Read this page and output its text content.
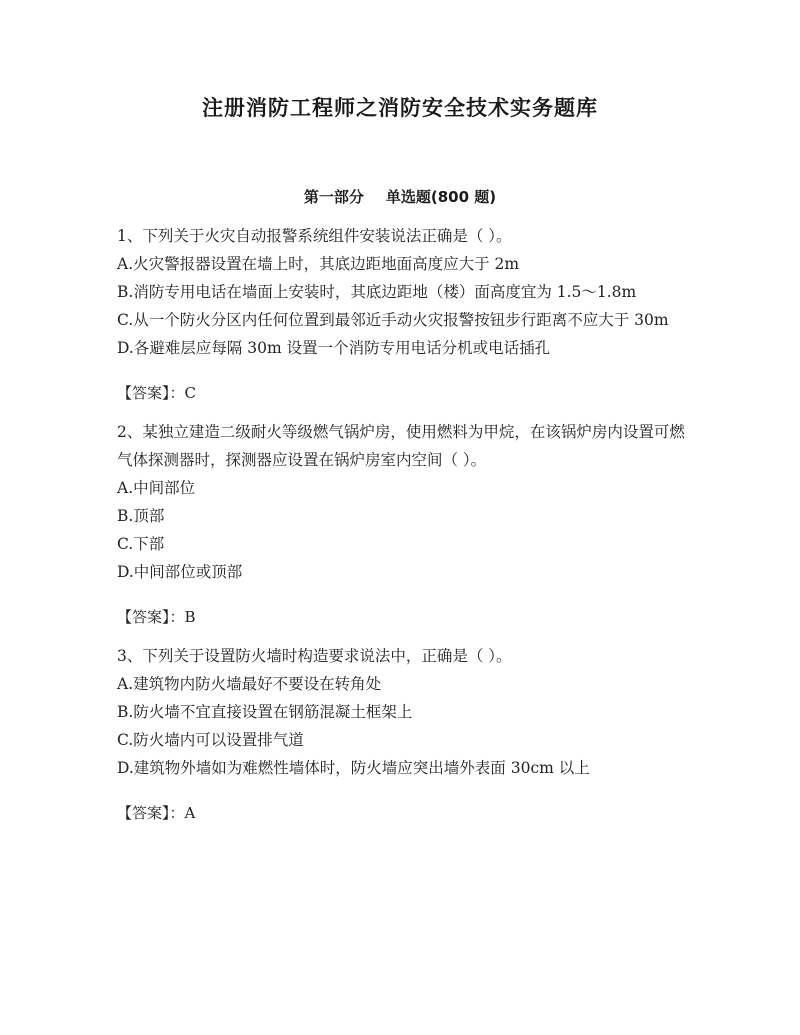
注册消防工程师之消防安全技术实务题库
第一部分 单选题(800 题)

1、下列关于火灾自动报警系统组件安装说法正确是（ ）。

A.火灾警报器设置在墙上时，其底边距地面高度应大于 2m

B.消防专用电话在墙面上安装时，其底边距地（楼）面高度宜为 1.5～1.8m

C.从一个防火分区内任何位置到最邻近手动火灾报警按钮步行距离不应大于 30m

D.各避难层应每隔 30m 设置一个消防专用电话分机或电话插孔

【答案】：C

2、某独立建造二级耐火等级燃气锅炉房，使用燃料为甲烷，在该锅炉房内设置可燃气体探测器时，探测器应设置在锅炉房室内空间（ ）。

A.中间部位

B.顶部

C.下部

D.中间部位或顶部

【答案】：B

3、下列关于设置防火墙时构造要求说法中，正确是（ ）。

A.建筑物内防火墙最好不要设在转角处

B.防火墙不宜直接设置在钢筋混凝土框架上

C.防火墙内可以设置排气道

D.建筑物外墙如为难燃性墙体时，防火墙应突出墙外表面 30cm 以上

【答案】：A
